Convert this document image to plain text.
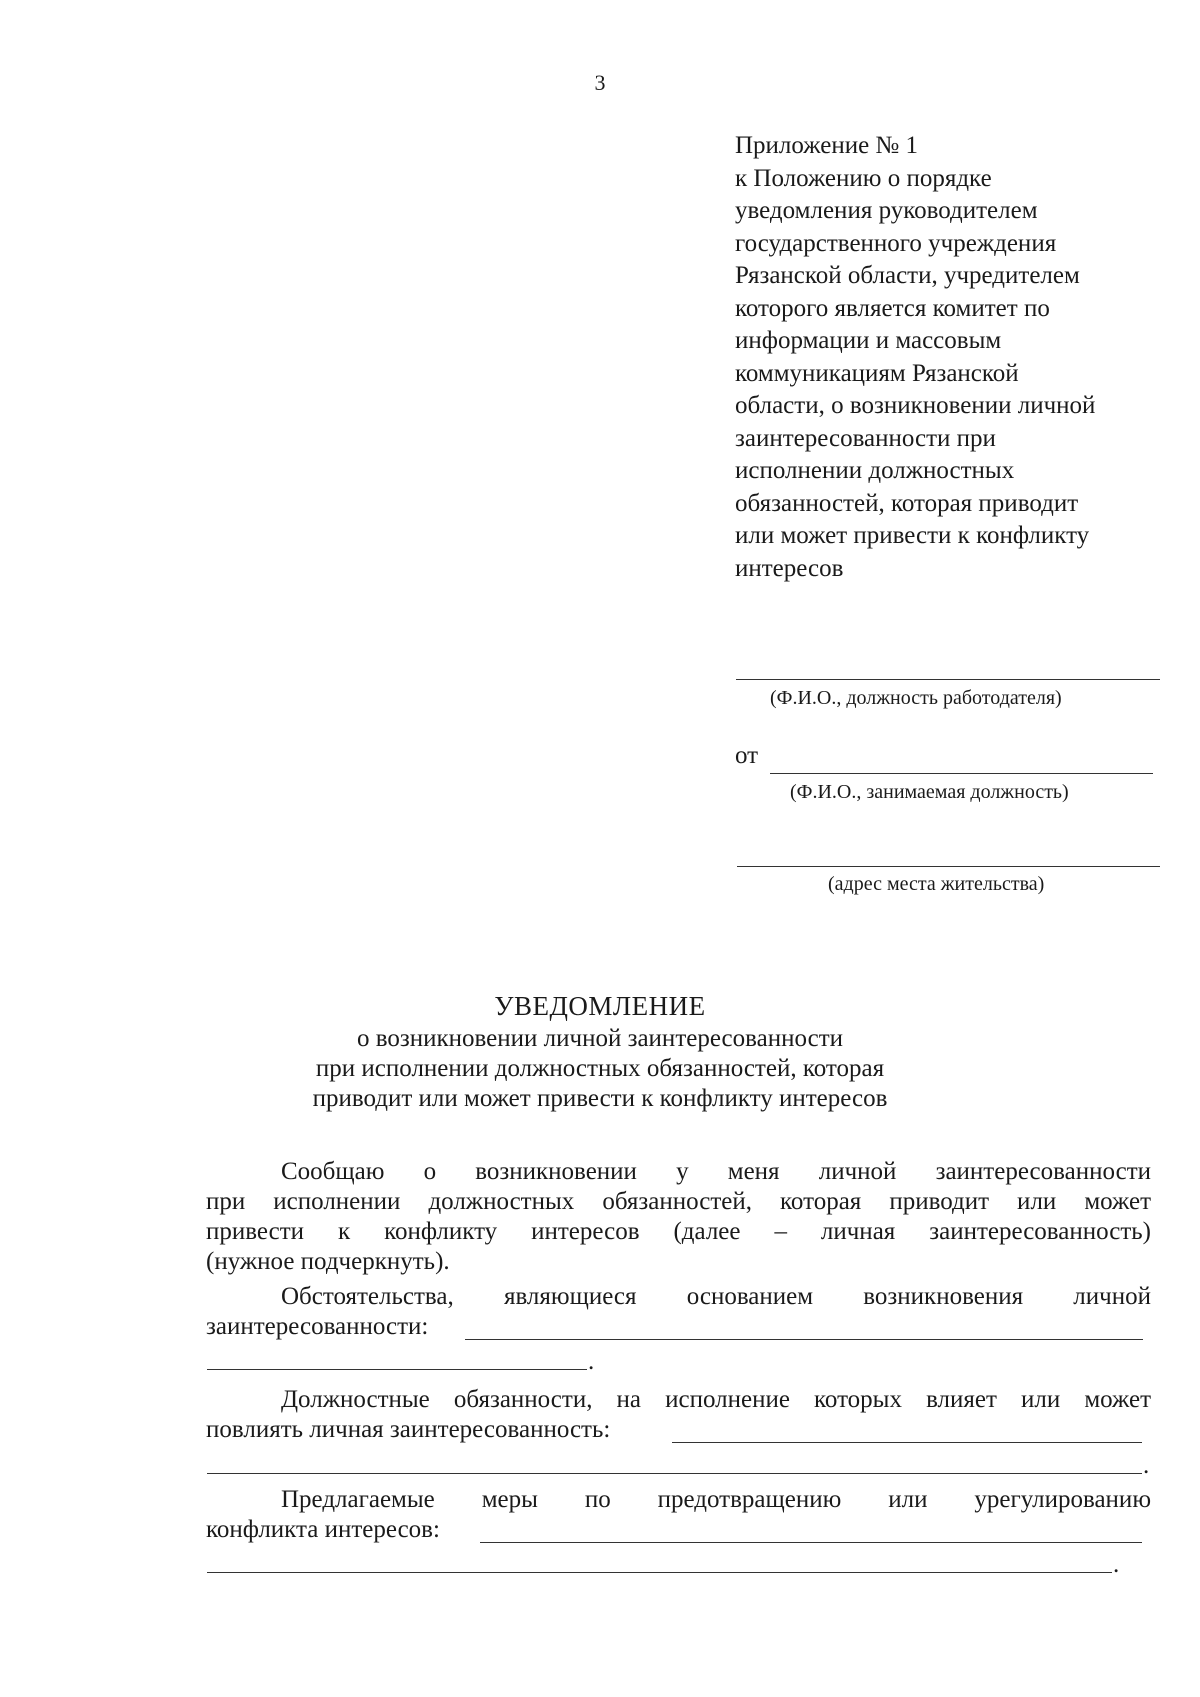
3
Приложение № 1
к Положению о порядке
уведомления руководителем
государственного учреждения
Рязанской области, учредителем
которого является комитет по
информации и массовым
коммуникациям Рязанской
области, о возникновении личной
заинтересованности при
исполнении должностных
обязанностей, которая приводит
или может привести к конфликту
интересов
(Ф.И.О., должность работодателя)
от
(Ф.И.О., занимаемая должность)
(адрес места жительства)
УВЕДОМЛЕНИЕ
о возникновении личной заинтересованности
при исполнении должностных обязанностей, которая
приводит или может привести к конфликту интересов
Сообщаю о возникновении у меня личной заинтересованности
при исполнении должностных обязанностей, которая приводит или может
привести к конфликту интересов (далее – личная заинтересованность)
(нужное подчеркнуть).
Обстоятельства, являющиеся основанием возникновения личной
заинтересованности:
.
Должностные обязанности, на исполнение которых влияет или может
повлиять личная заинтересованность:
.
Предлагаемые меры по предотвращению или урегулированию
конфликта интересов:
.
